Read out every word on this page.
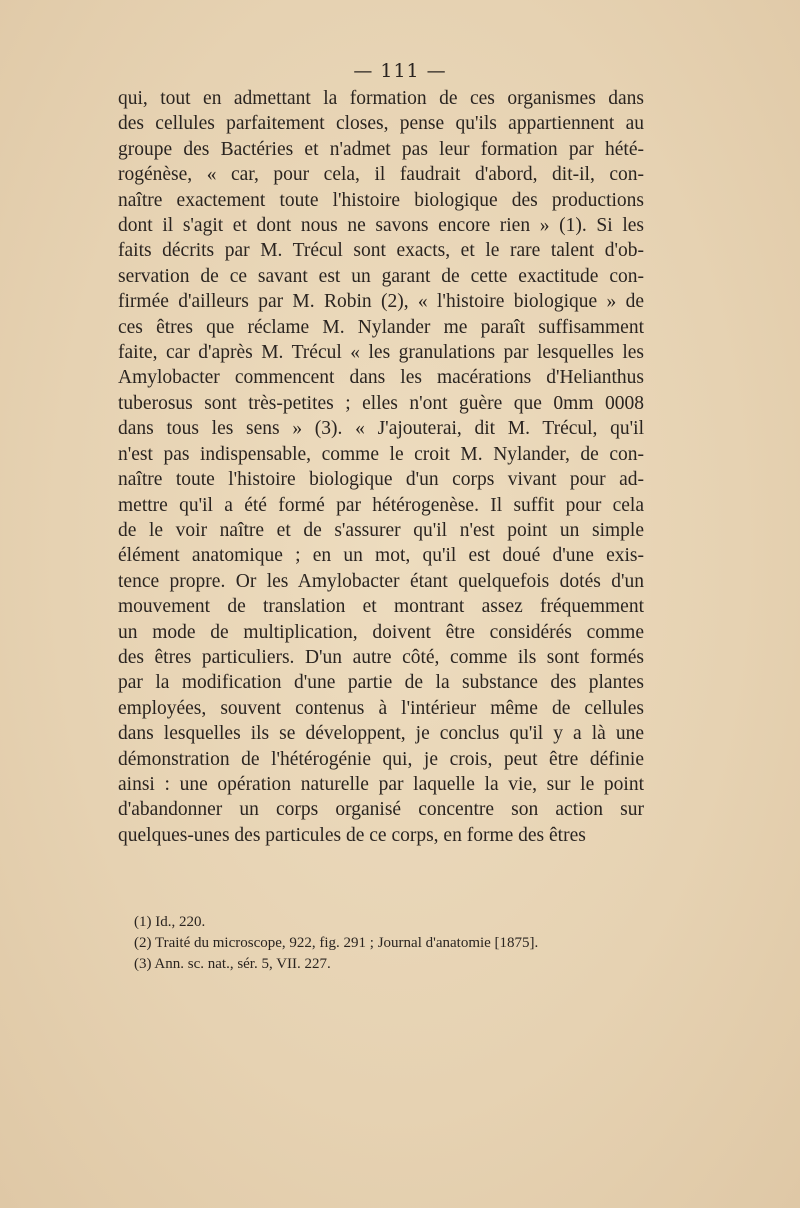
— 111 —
qui, tout en admettant la formation de ces organismes dans
des cellules parfaitement closes, pense qu'ils appartiennent au
groupe des Bactéries et n'admet pas leur formation par hété-
rogénèse, « car, pour cela, il faudrait d'abord, dit-il, con-
naître exactement toute l'histoire biologique des productions
dont il s'agit et dont nous ne savons encore rien » (1). Si les
faits décrits par M. Trécul sont exacts, et le rare talent d'ob-
servation de ce savant est un garant de cette exactitude con-
firmée d'ailleurs par M. Robin (2), « l'histoire biologique » de
ces êtres que réclame M. Nylander me paraît suffisamment
faite, car d'après M. Trécul « les granulations par lesquelles les
Amylobacter commencent dans les macérations d'Helianthus
tuberosus sont très-petites ; elles n'ont guère que 0mm 0008
dans tous les sens » (3). « J'ajouterai, dit M. Trécul, qu'il
n'est pas indispensable, comme le croit M. Nylander, de con-
naître toute l'histoire biologique d'un corps vivant pour ad-
mettre qu'il a été formé par hétérogenèse. Il suffit pour cela
de le voir naître et de s'assurer qu'il n'est point un simple
élément anatomique ; en un mot, qu'il est doué d'une exis-
tence propre. Or les Amylobacter étant quelquefois dotés d'un
mouvement de translation et montrant assez fréquemment
un mode de multiplication, doivent être considérés comme
des êtres particuliers. D'un autre côté, comme ils sont formés
par la modification d'une partie de la substance des plantes
employées, souvent contenus à l'intérieur même de cellules
dans lesquelles ils se développent, je conclus qu'il y a là une
démonstration de l'hétérogénie qui, je crois, peut être définie
ainsi : une opération naturelle par laquelle la vie, sur le point
d'abandonner un corps organisé concentre son action sur
quelques-unes des particules de ce corps, en forme des êtres
(1) Id., 220.
(2) Traité du microscope, 922, fig. 291 ; Journal d'anatomie [1875].
(3) Ann. sc. nat., sér. 5, VII. 227.
